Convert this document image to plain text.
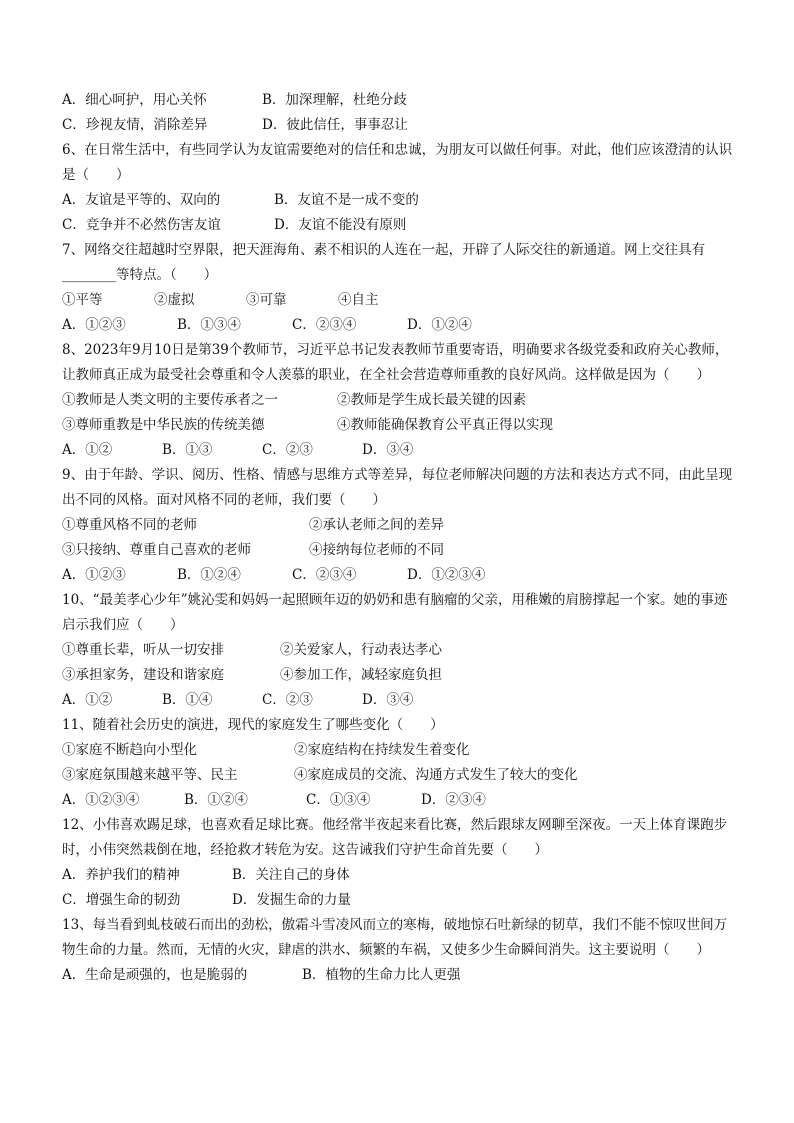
A．细心呵护，用心关怀	B．加深理解，杜绝分歧
C．珍视友情，消除差异	D．彼此信任，事事忍让
6、在日常生活中，有些同学认为友谊需要绝对的信任和忠诚，为朋友可以做任何事。对此，他们应该澄清的认识是（　　）
A．友谊是平等的、双向的	B．友谊不是一成不变的
C．竞争并不必然伤害友谊	D．友谊不能没有原则
7、网络交往超越时空界限，把天涯海角、素不相识的人连在一起，开辟了人际交往的新通道。网上交往具有________等特点。（　　）
①平等	②虚拟	③可靠	④自主
A．①②③	B．①③④	C．②③④	D．①②④
8、2023年9月10日是第39个教师节，习近平总书记发表教师节重要寄语，明确要求各级党委和政府关心教师，让教师真正成为最受社会尊重和令人羡慕的职业，在全社会营造尊师重教的良好风尚。这样做是因为（　　）
①教师是人类文明的主要传承者之一	②教师是学生成长最关键的因素
③尊师重教是中华民族的传统美德	④教师能确保教育公平真正得以实现
A．①②	B．①③	C．②③	D．③④
9、由于年龄、学识、阅历、性格、情感与思维方式等差异，每位老师解决问题的方法和表达方式不同，由此呈现出不同的风格。面对风格不同的老师，我们要（　　）
①尊重风格不同的老师	②承认老师之间的差异
③只接纳、尊重自己喜欢的老师	④接纳每位老师的不同
A．①②③	B．①②④	C．②③④	D．①②③④
10、“最美孝心少年”姚沁雯和妈妈一起照顾年迈的奶奶和患有脑瘤的父亲，用稚嫩的肩膀撑起一个家。她的事迹启示我们应（　　）
①尊重长辈，听从一切安排	②关爱家人，行动表达孝心
③承担家务，建设和谐家庭	④参加工作，减轻家庭负担
A．①②	B．①④	C．②③	D．③④
11、随着社会历史的演进，现代的家庭发生了哪些变化（　　）
①家庭不断趋向小型化	②家庭结构在持续发生着变化
③家庭氛围越来越平等、民主	④家庭成员的交流、沟通方式发生了较大的变化
A．①②③④	B．①②④	C．①③④	D．②③④
12、小伟喜欢踢足球，也喜欢看足球比赛。他经常半夜起来看比赛，然后跟球友网聊至深夜。一天上体育课跑步时，小伟突然栽倒在地，经抢救才转危为安。这告诫我们守护生命首先要（　　）
A．养护我们的精神	B．关注自己的身体
C．增强生命的韧劲	D．发掘生命的力量
13、每当看到虬枝破石而出的劲松，傲霜斗雪凌风而立的寒梅，破地惊石吐新绿的韧草，我们不能不惊叹世间万物生命的力量。然而，无情的火灾，肆虐的洪水、频繁的车祸，又使多少生命瞬间消失。这主要说明（　　）
A．生命是顽强的，也是脆弱的	B．植物的生命力比人更强
